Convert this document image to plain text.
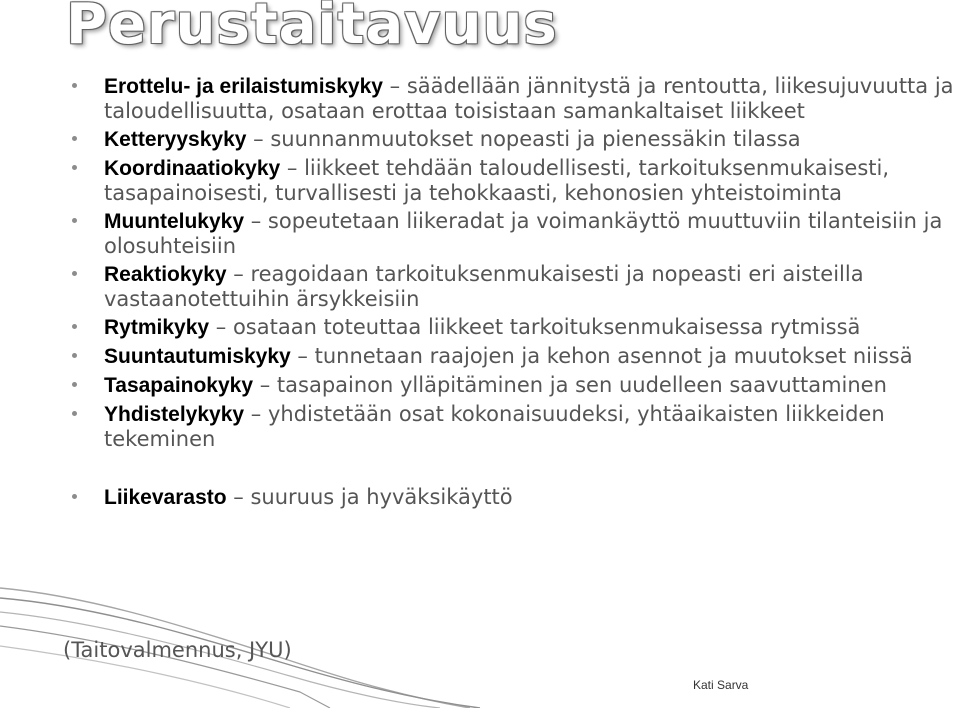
Perustaitavuus
Erottelu- ja erilaistumiskyky – säädellään jännitystä ja rentoutta, liikesujuvuutta ja taloudellisuutta, osataan erottaa toisistaan samankaltaiset liikkeet
Ketteryyskyky – suunnanmuutokset nopeasti ja pienessäkin tilassa
Koordinaatiokyky – liikkeet tehdään taloudellisesti, tarkoituksenmukaisesti, tasapainoisesti, turvallisesti ja tehokkaasti, kehonosien yhteistoiminta
Muuntelukyky – sopeutetaan liikeradat ja voimankäyttö muuttuviin tilanteisiin ja olosuhteisiin
Reaktiokyky – reagoidaan tarkoituksenmukaisesti ja nopeasti eri aisteilla vastaanotettuihin ärsykkeisiin
Rytmikyky – osataan toteuttaa liikkeet tarkoituksenmukaisessa rytmissä
Suuntautumiskyky – tunnetaan raajojen ja kehon asennot ja muutokset niissä
Tasapainokyky – tasapainon ylläpitäminen ja sen uudelleen saavuttaminen
Yhdistelykyky – yhdistetään osat kokonaisuudeksi, yhtäaikaisten liikkeiden tekeminen
Liikevarasto – suuruus ja hyväksikäyttö
(Taitovalmennus, JYU)
Kati Sarva
